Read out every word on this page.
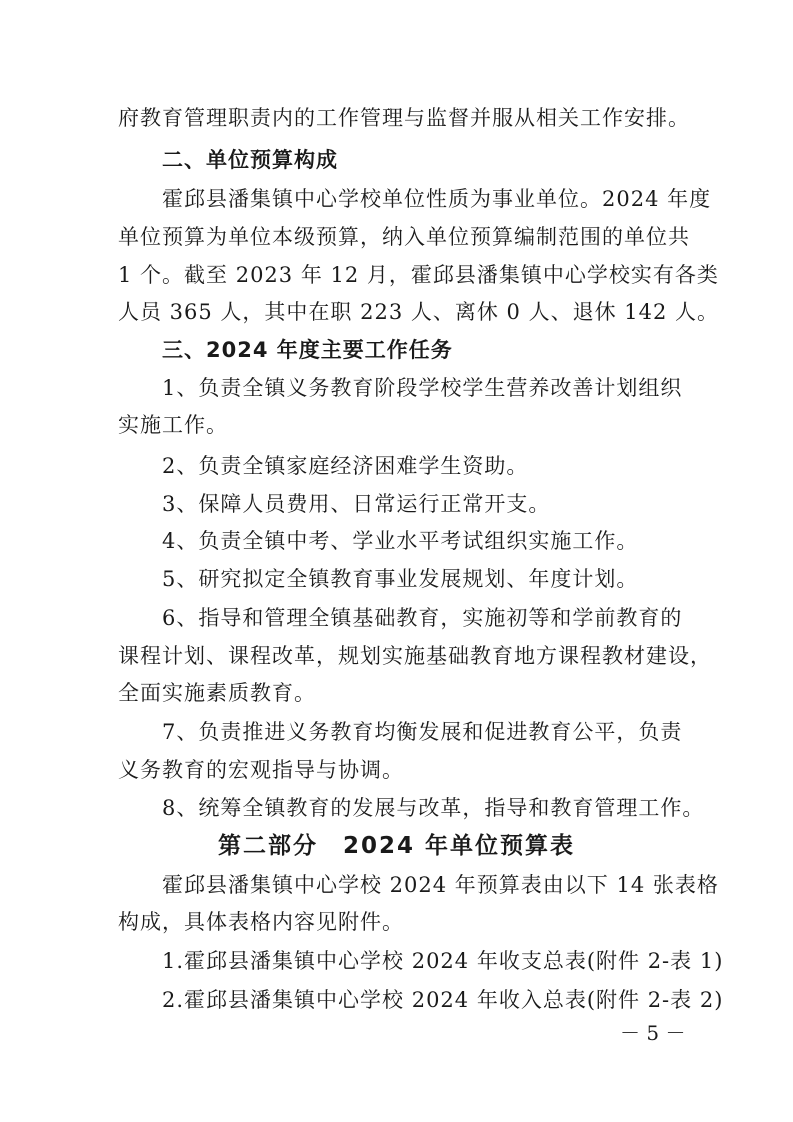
府教育管理职责内的工作管理与监督并服从相关工作安排。
二、单位预算构成
霍邱县潘集镇中心学校单位性质为事业单位。2024 年度
单位预算为单位本级预算，纳入单位预算编制范围的单位共
1 个。截至 2023 年 12 月，霍邱县潘集镇中心学校实有各类
人员 365 人，其中在职 223 人、离休 0 人、退休 142 人。
三、2024 年度主要工作任务
1、负责全镇义务教育阶段学校学生营养改善计划组织
实施工作。
2、负责全镇家庭经济困难学生资助。
3、保障人员费用、日常运行正常开支。
4、负责全镇中考、学业水平考试组织实施工作。
5、研究拟定全镇教育事业发展规划、年度计划。
6、指导和管理全镇基础教育，实施初等和学前教育的
课程计划、课程改革，规划实施基础教育地方课程教材建设，
全面实施素质教育。
7、负责推进义务教育均衡发展和促进教育公平，负责
义务教育的宏观指导与协调。
8、统筹全镇教育的发展与改革，指导和教育管理工作。
第二部分　2024 年单位预算表
霍邱县潘集镇中心学校 2024 年预算表由以下 14 张表格
构成，具体表格内容见附件。
1.霍邱县潘集镇中心学校 2024 年收支总表(附件 2-表 1)
2.霍邱县潘集镇中心学校 2024 年收入总表(附件 2-表 2)
－ 5 －
